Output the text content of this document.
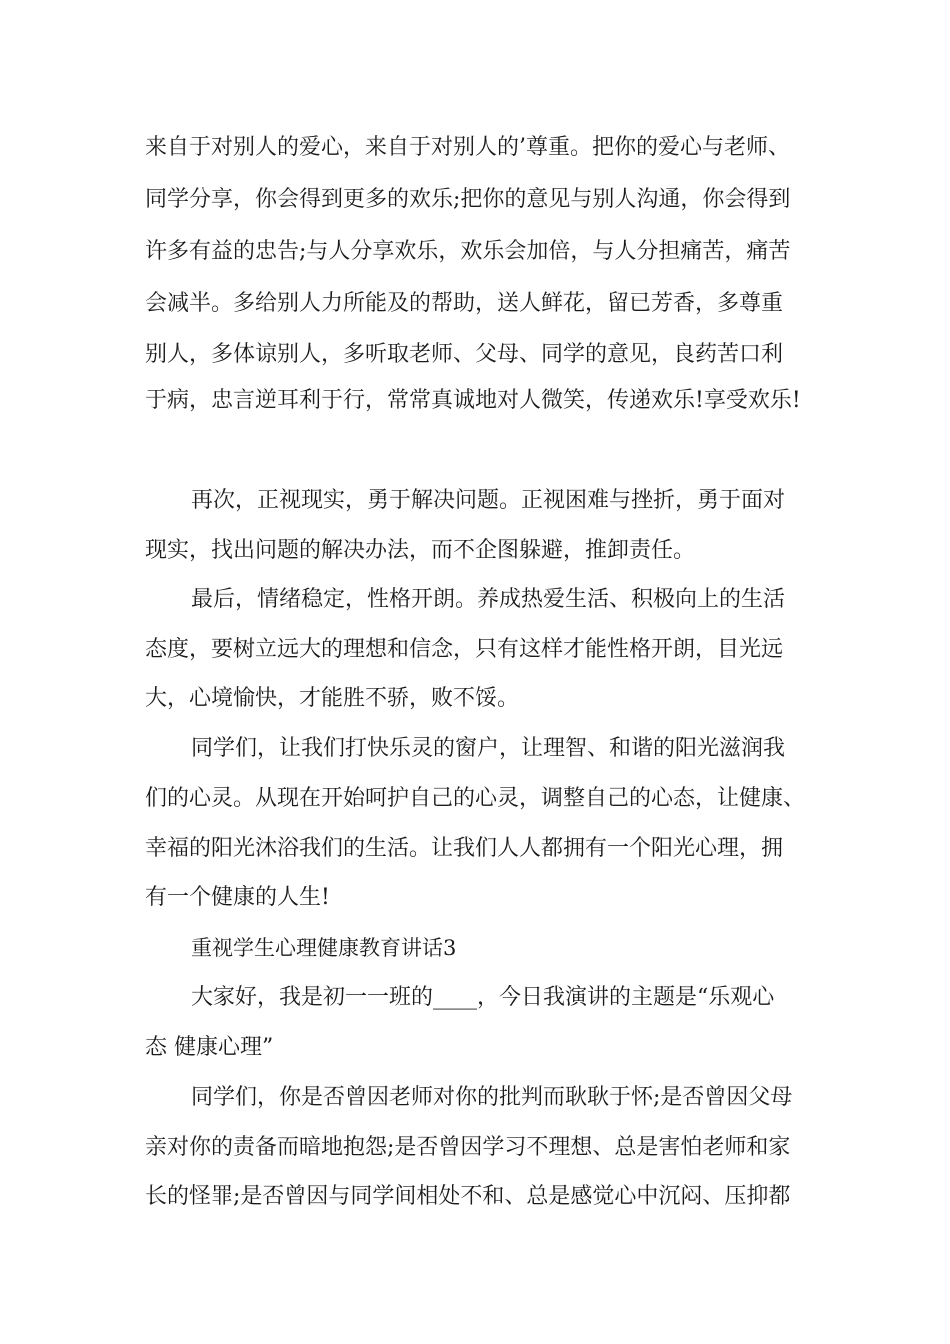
来自于对别人的爱心，来自于对别人的’尊重。把你的爱心与老师、
同学分享，你会得到更多的欢乐;把你的意见与别人沟通，你会得到
许多有益的忠告;与人分享欢乐，欢乐会加倍，与人分担痛苦，痛苦
会减半。多给别人力所能及的帮助，送人鲜花，留已芳香，多尊重
别人，多体谅别人，多听取老师、父母、同学的意见，良药苦口利
于病，忠言逆耳利于行，常常真诚地对人微笑，传递欢乐!享受欢乐!
再次，正视现实，勇于解决问题。正视困难与挫折，勇于面对
现实，找出问题的解决办法，而不企图躲避，推卸责任。
最后，情绪稳定，性格开朗。养成热爱生活、积极向上的生活
态度，要树立远大的理想和信念，只有这样才能性格开朗，目光远
大，心境愉快，才能胜不骄，败不馁。
同学们，让我们打快乐灵的窗户，让理智、和谐的阳光滋润我
们的心灵。从现在开始呵护自己的心灵，调整自己的心态，让健康、
幸福的阳光沐浴我们的生活。让我们人人都拥有一个阳光心理，拥
有一个健康的人生!
重视学生心理健康教育讲话3
大家好，我是初一一班的____，今日我演讲的主题是“乐观心
态 健康心理”
同学们，你是否曾因老师对你的批判而耿耿于怀;是否曾因父母
亲对你的责备而暗地抱怨;是否曾因学习不理想、总是害怕老师和家
长的怪罪;是否曾因与同学间相处不和、总是感觉心中沉闷、压抑都
